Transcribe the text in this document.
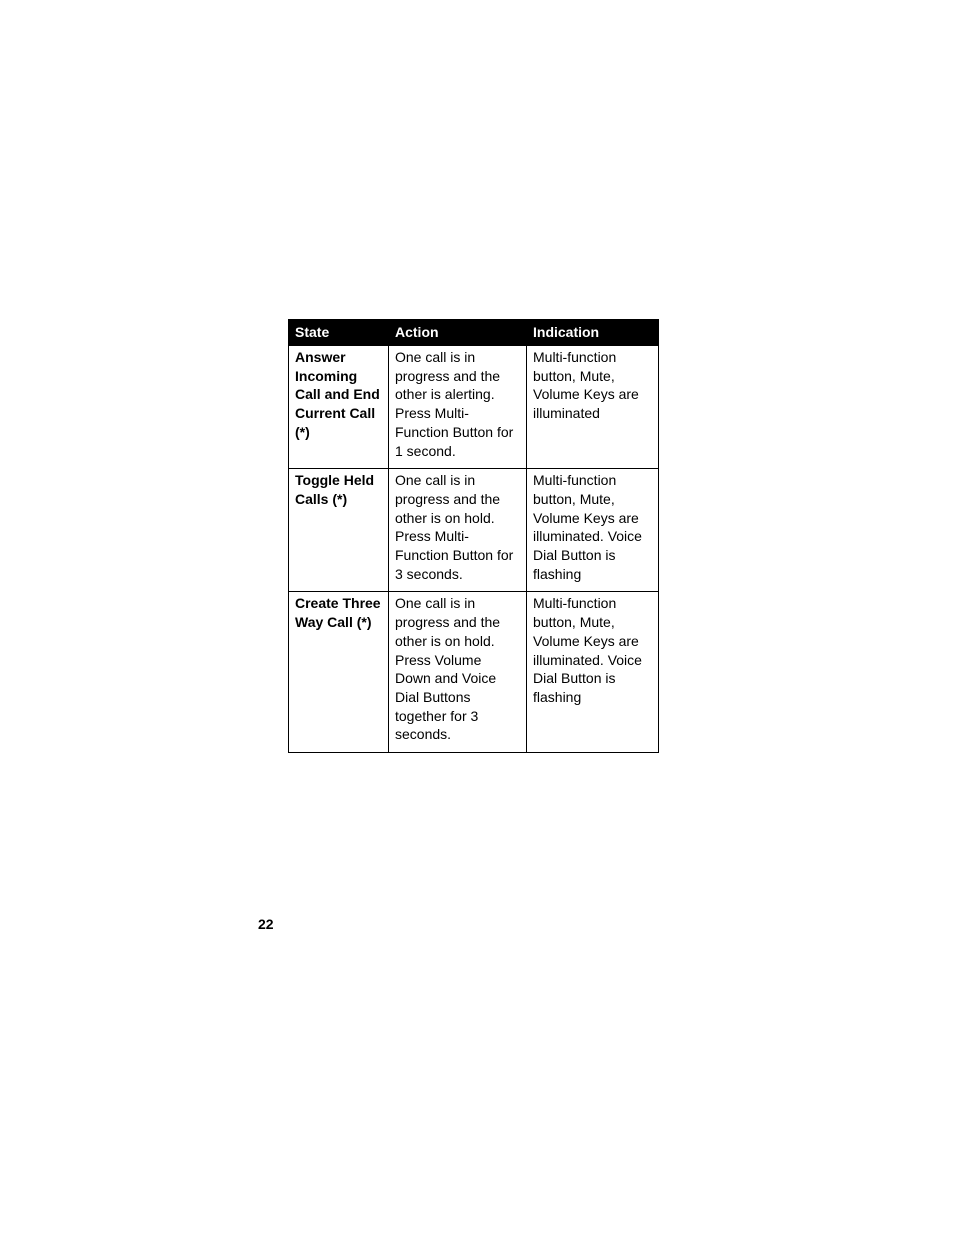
State	Action	Indication
Answer Incoming Call and End Current Call (*)	One call is in progress and the other is alerting. Press Multi-Function Button for 1 second.	Multi-function button, Mute, Volume Keys are illuminated
Toggle Held Calls (*)	One call is in progress and the other is on hold. Press Multi-Function Button for 3 seconds.	Multi-function button, Mute, Volume Keys are illuminated. Voice Dial Button is flashing
Create Three Way Call (*)	One call is in progress and the other is on hold. Press Volume Down and Voice Dial Buttons together for 3 seconds.	Multi-function button, Mute, Volume Keys are illuminated. Voice Dial Button is flashing
22
